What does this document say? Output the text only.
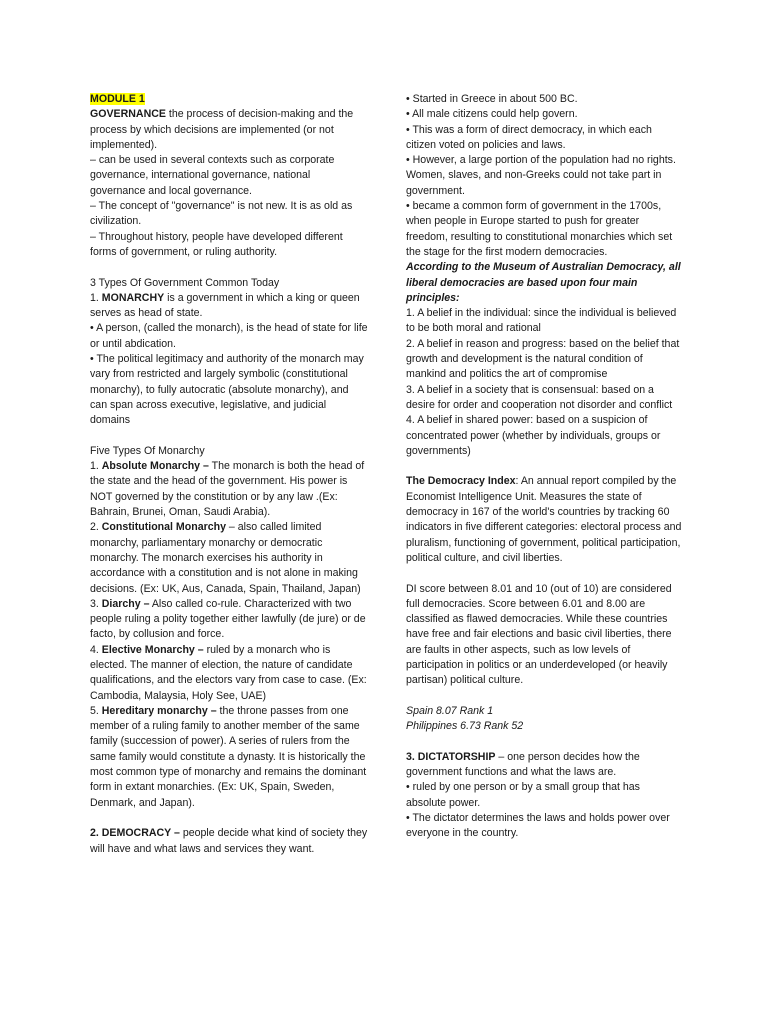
MODULE 1

GOVERNANCE the process of decision-making and the process by which decisions are implemented (or not implemented).

– can be used in several contexts such as corporate governance, international governance, national governance and local governance.

– The concept of "governance" is not new. It is as old as civilization.

– Throughout history, people have developed different forms of government, or ruling authority.

3 Types Of Government Common Today

1. MONARCHY is a government in which a king or queen serves as head of state.

• A person, (called the monarch), is the head of state for life or until abdication.

• The political legitimacy and authority of the monarch may vary from restricted and largely symbolic (constitutional monarchy), to fully autocratic (absolute monarchy), and can span across executive, legislative, and judicial domains

Five Types Of Monarchy

1. Absolute Monarchy – The monarch is both the head of the state and the head of the government. His power is NOT governed by the constitution or by any law .(Ex: Bahrain, Brunei, Oman, Saudi Arabia).

2. Constitutional Monarchy – also called limited monarchy, parliamentary monarchy or democratic monarchy. The monarch exercises his authority in accordance with a constitution and is not alone in making decisions. (Ex: UK, Aus, Canada, Spain, Thailand, Japan)

3. Diarchy – Also called co-rule. Characterized with two people ruling a polity together either lawfully (de jure) or de facto, by collusion and force.

4. Elective Monarchy – ruled by a monarch who is elected. The manner of election, the nature of candidate qualifications, and the electors vary from case to case. (Ex: Cambodia, Malaysia, Holy See, UAE)

5. Hereditary monarchy – the throne passes from one member of a ruling family to another member of the same family (succession of power). A series of rulers from the same family would constitute a dynasty. It is historically the most common type of monarchy and remains the dominant form in extant monarchies. (Ex: UK, Spain, Sweden, Denmark, and Japan).

2. DEMOCRACY – people decide what kind of society they will have and what laws and services they want.

• Started in Greece in about 500 BC.

• All male citizens could help govern.

• This was a form of direct democracy, in which each citizen voted on policies and laws.

• However, a large portion of the population had no rights. Women, slaves, and non-Greeks could not take part in government.

• became a common form of government in the 1700s, when people in Europe started to push for greater freedom, resulting to constitutional monarchies which set the stage for the first modern democracies.

According to the Museum of Australian Democracy, all liberal democracies are based upon four main principles:

1. A belief in the individual: since the individual is believed to be both moral and rational

2. A belief in reason and progress: based on the belief that growth and development is the natural condition of mankind and politics the art of compromise

3. A belief in a society that is consensual: based on a desire for order and cooperation not disorder and conflict

4. A belief in shared power: based on a suspicion of concentrated power (whether by individuals, groups or governments)

The Democracy Index: An annual report compiled by the Economist Intelligence Unit. Measures the state of democracy in 167 of the world's countries by tracking 60 indicators in five different categories: electoral process and pluralism, functioning of government, political participation, political culture, and civil liberties.

DI score between 8.01 and 10 (out of 10) are considered full democracies. Score between 6.01 and 8.00 are classified as flawed democracies. While these countries have free and fair elections and basic civil liberties, there are faults in other aspects, such as low levels of participation in politics or an underdeveloped (or heavily partisan) political culture.

Spain 8.07 Rank 1

Philippines 6.73 Rank 52

3. DICTATORSHIP – one person decides how the government functions and what the laws are.

• ruled by one person or by a small group that has absolute power.

• The dictator determines the laws and holds power over everyone in the country.
